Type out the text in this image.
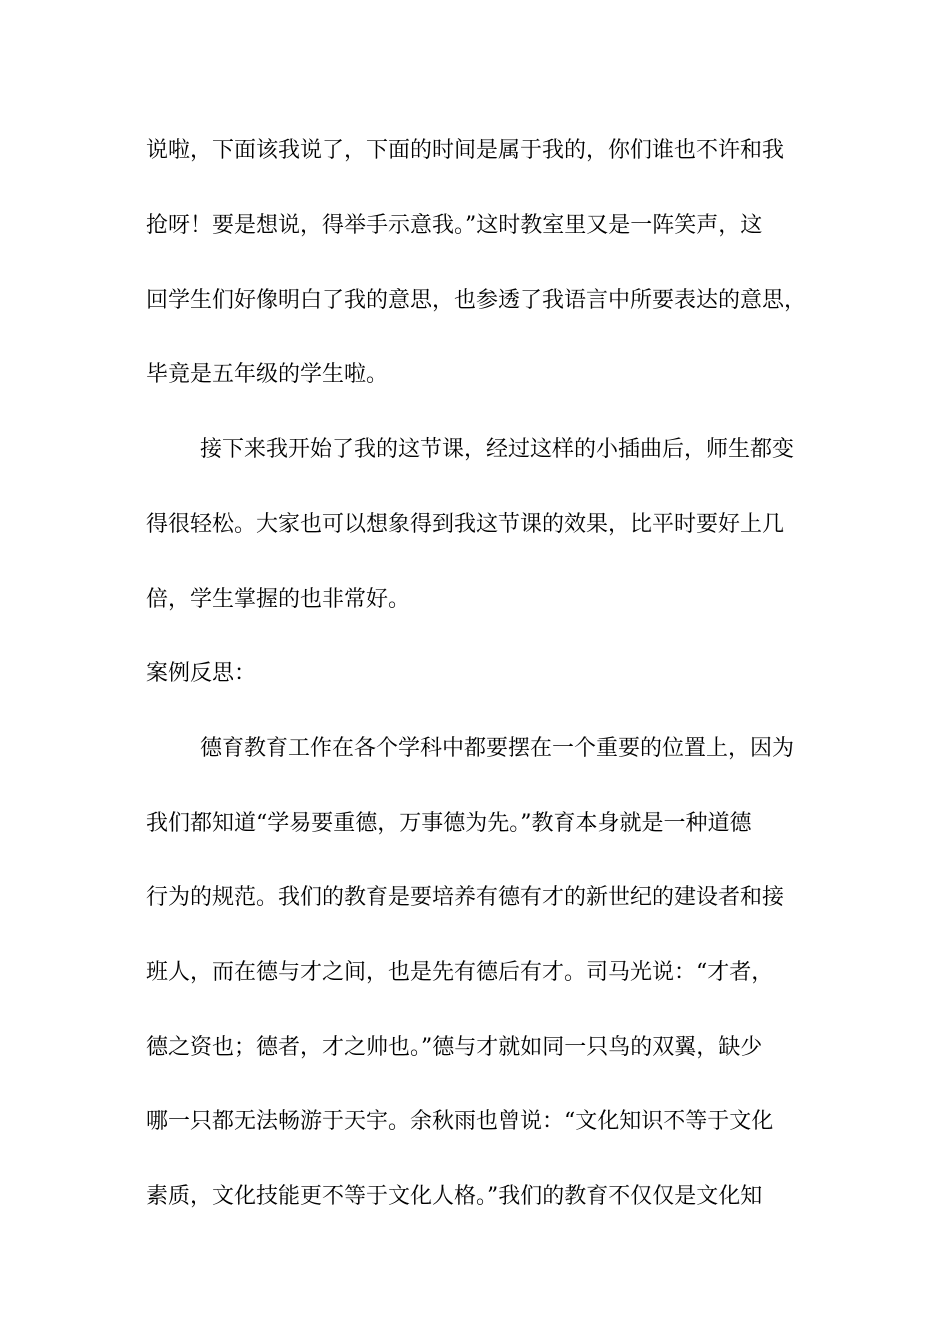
说啦，下面该我说了，下面的时间是属于我的，你们谁也不许和我
抢呀！要是想说，得举手示意我。”这时教室里又是一阵笑声，这
回学生们好像明白了我的意思，也参透了我语言中所要表达的意思，
毕竟是五年级的学生啦。
接下来我开始了我的这节课，经过这样的小插曲后，师生都变
得很轻松。大家也可以想象得到我这节课的效果，比平时要好上几
倍，学生掌握的也非常好。
案例反思：
德育教育工作在各个学科中都要摆在一个重要的位置上，因为
我们都知道“学易要重德，万事德为先。”教育本身就是一种道德
行为的规范。我们的教育是要培养有德有才的新世纪的建设者和接
班人，而在德与才之间，也是先有德后有才。司马光说：“才者，
德之资也；德者，才之帅也。”德与才就如同一只鸟的双翼，缺少
哪一只都无法畅游于天宇。余秋雨也曾说：“文化知识不等于文化
素质，文化技能更不等于文化人格。”我们的教育不仅仅是文化知
